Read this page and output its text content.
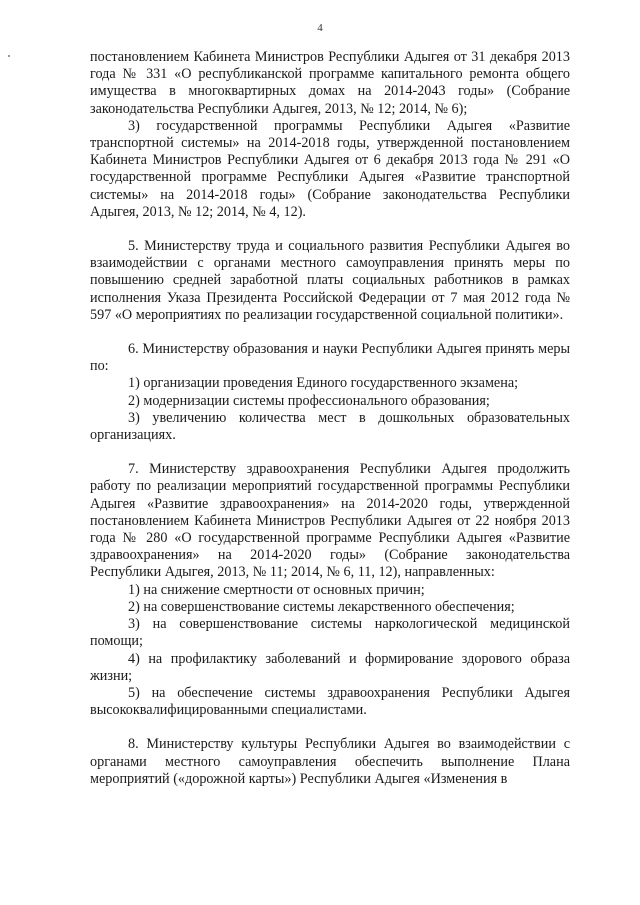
4

постановлением Кабинета Министров Республики Адыгея от 31 декабря 2013 года № 331 «О республиканской программе капитального ремонта общего имущества в многоквартирных домах на 2014-2043 годы» (Собрание законодательства Республики Адыгея, 2013, № 12; 2014, № 6);

3) государственной программы Республики Адыгея «Развитие транспортной системы» на 2014-2018 годы, утвержденной постановлением Кабинета Министров Республики Адыгея от 6 декабря 2013 года № 291 «О государственной программе Республики Адыгея «Развитие транспортной системы» на 2014-2018 годы» (Собрание законодательства Республики Адыгея, 2013, № 12; 2014, № 4, 12).

5. Министерству труда и социального развития Республики Адыгея во взаимодействии с органами местного самоуправления принять меры по повышению средней заработной платы социальных работников в рамках исполнения Указа Президента Российской Федерации от 7 мая 2012 года № 597 «О мероприятиях по реализации государственной социальной политики».

6. Министерству образования и науки Республики Адыгея принять меры по:

1) организации проведения Единого государственного экзамена;

2) модернизации системы профессионального образования;

3) увеличению количества мест в дошкольных образовательных организациях.

7. Министерству здравоохранения Республики Адыгея продолжить работу по реализации мероприятий государственной программы Республики Адыгея «Развитие здравоохранения» на 2014-2020 годы, утвержденной постановлением Кабинета Министров Республики Адыгея от 22 ноября 2013 года № 280 «О государственной программе Республики Адыгея «Развитие здравоохранения» на 2014-2020 годы» (Собрание законодательства Республики Адыгея, 2013, № 11; 2014, № 6, 11, 12), направленных:

1) на снижение смертности от основных причин;

2) на совершенствование системы лекарственного обеспечения;

3) на совершенствование системы наркологической медицинской помощи;

4) на профилактику заболеваний и формирование здорового образа жизни;

5) на обеспечение системы здравоохранения Республики Адыгея высококвалифицированными специалистами.

8. Министерству культуры Республики Адыгея во взаимодействии с органами местного самоуправления обеспечить выполнение Плана мероприятий («дорожной карты») Республики Адыгея «Изменения в
